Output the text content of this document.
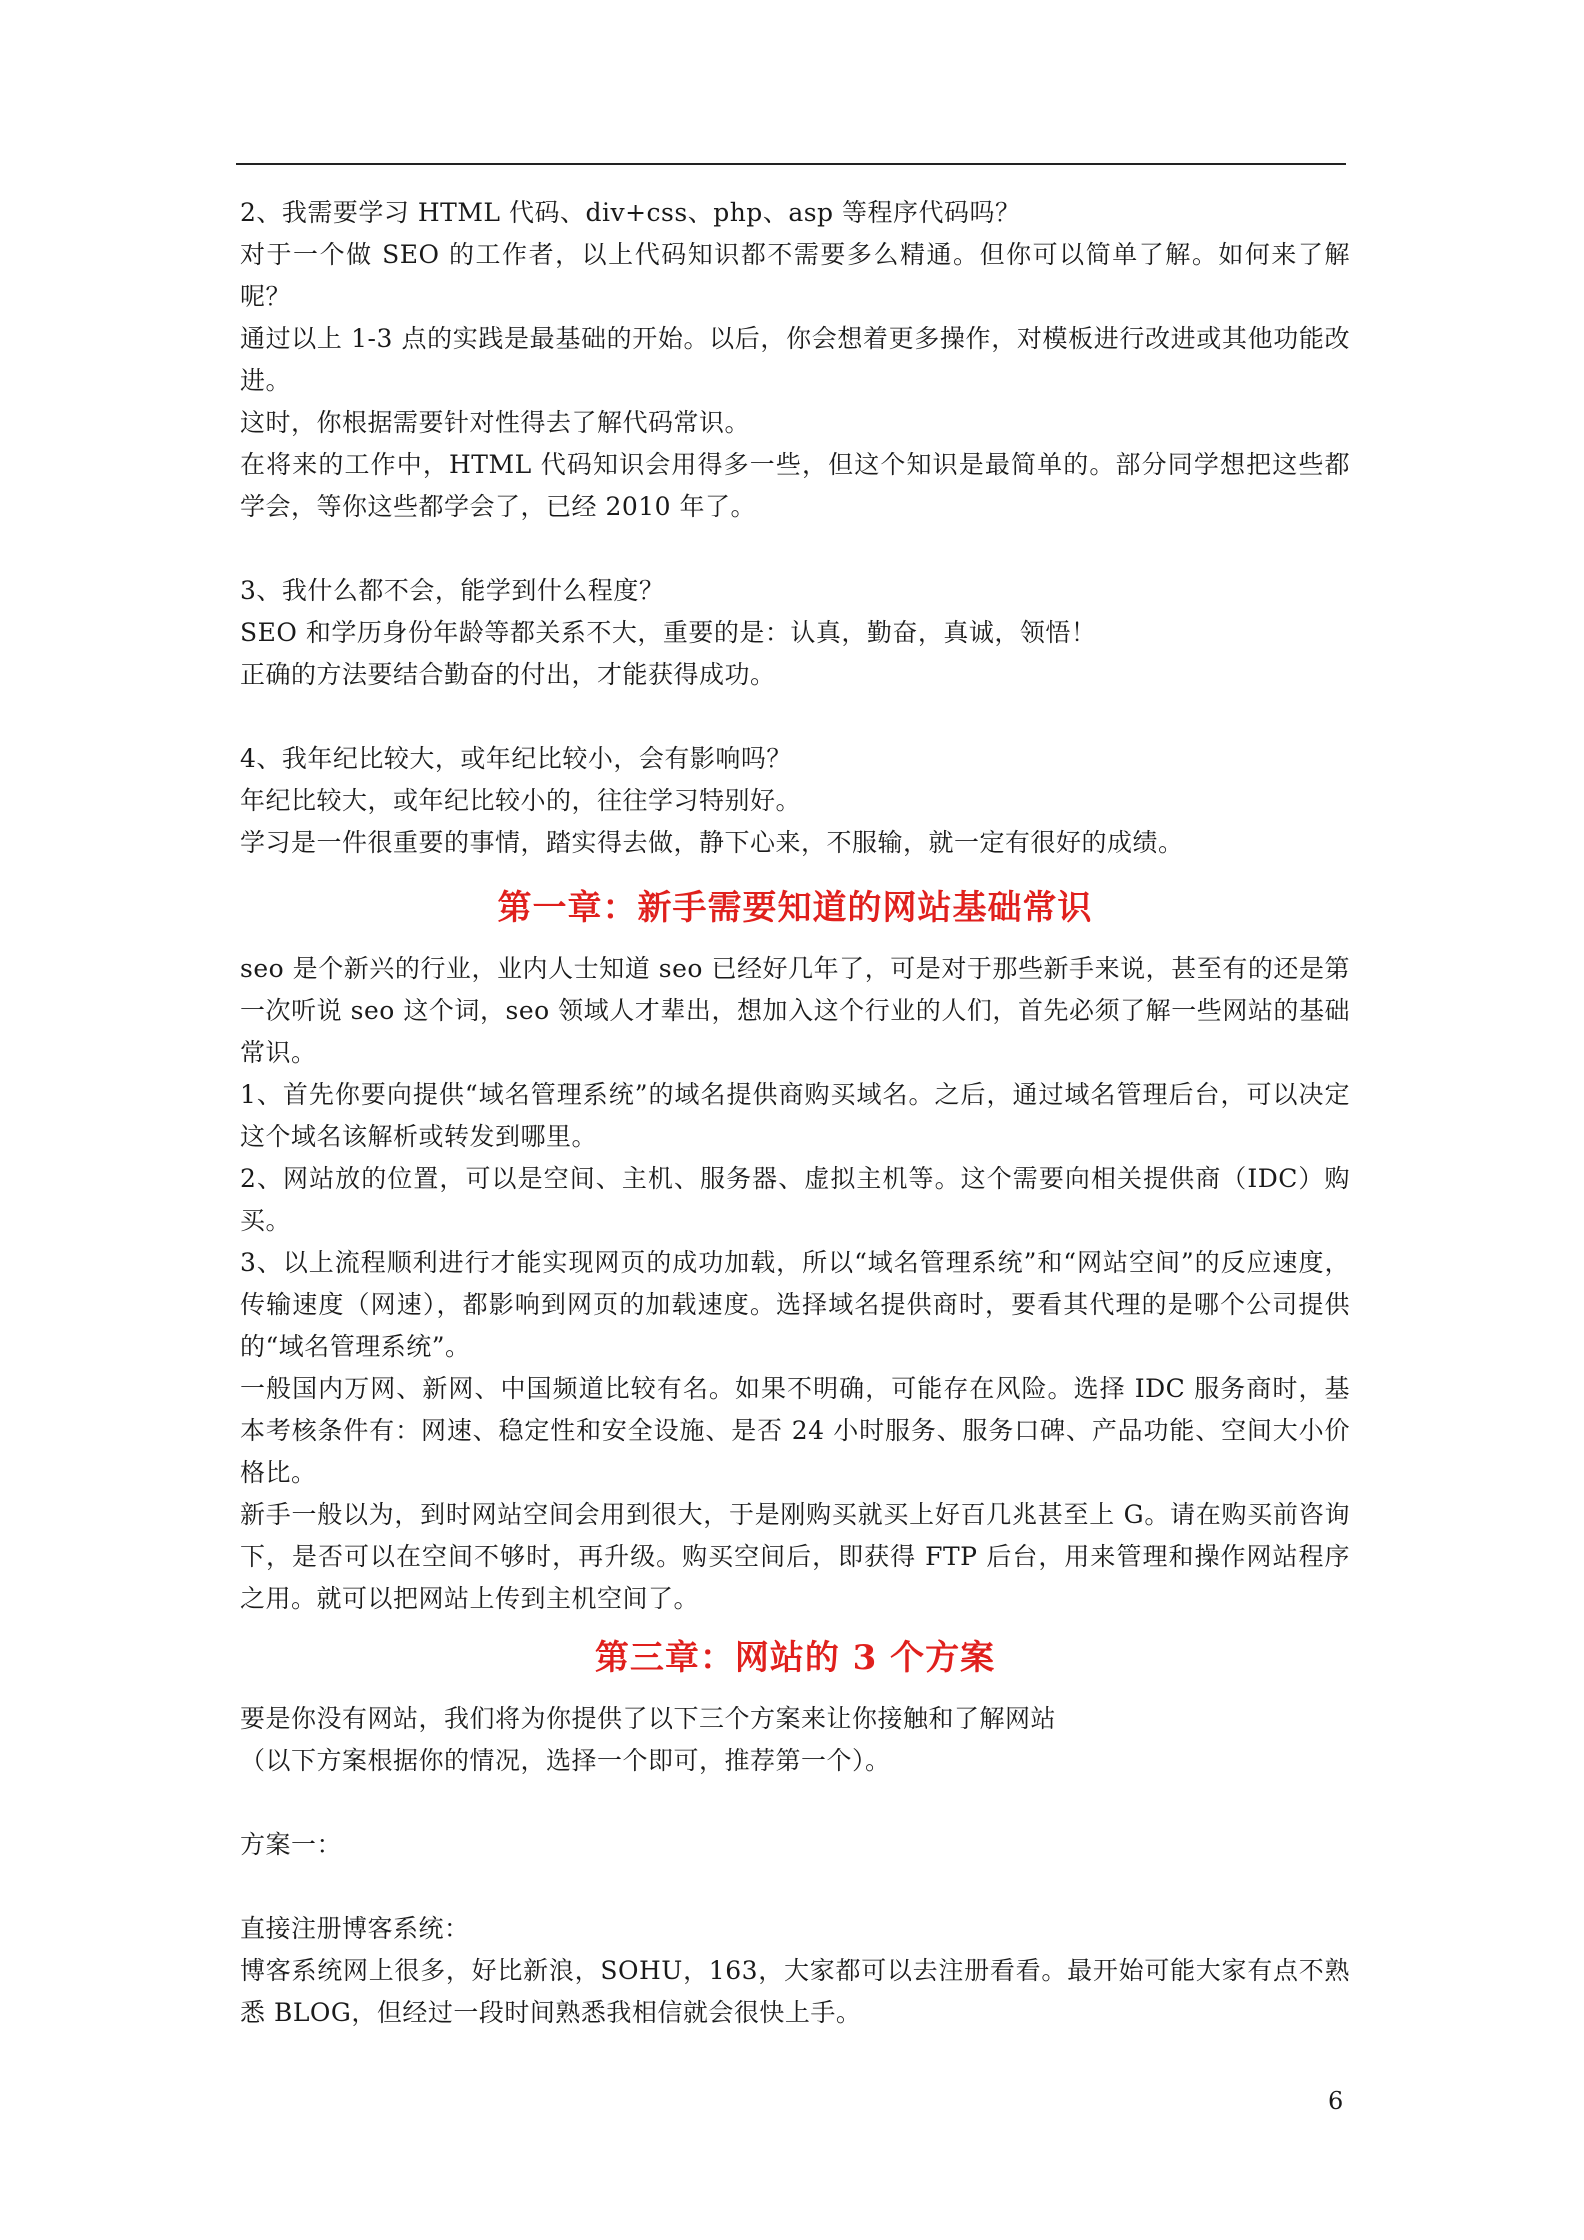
2、我需要学习 HTML 代码、div+css、php、asp 等程序代码吗？

对于一个做 SEO 的工作者，以上代码知识都不需要多么精通。但你可以简单了解。如何来了解呢？

通过以上 1-3 点的实践是最基础的开始。以后，你会想着更多操作，对模板进行改进或其他功能改进。

这时，你根据需要针对性得去了解代码常识。

在将来的工作中，HTML 代码知识会用得多一些，但这个知识是最简单的。部分同学想把这些都学会，等你这些都学会了，已经 2010 年了。

3、我什么都不会，能学到什么程度？

SEO 和学历身份年龄等都关系不大，重要的是：认真，勤奋，真诚，领悟！

正确的方法要结合勤奋的付出，才能获得成功。

4、我年纪比较大，或年纪比较小，会有影响吗？

年纪比较大，或年纪比较小的，往往学习特别好。

学习是一件很重要的事情，踏实得去做，静下心来，不服输，就一定有很好的成绩。

第一章：新手需要知道的网站基础常识

seo 是个新兴的行业，业内人士知道 seo 已经好几年了，可是对于那些新手来说，甚至有的还是第一次听说 seo 这个词，seo 领域人才辈出，想加入这个行业的人们，首先必须了解一些网站的基础常识。

1、首先你要向提供“域名管理系统”的域名提供商购买域名。之后，通过域名管理后台，可以决定这个域名该解析或转发到哪里。

2、网站放的位置，可以是空间、主机、服务器、虚拟主机等。这个需要向相关提供商（IDC）购买。

3、以上流程顺利进行才能实现网页的成功加载，所以“域名管理系统”和“网站空间”的反应速度，传输速度（网速），都影响到网页的加载速度。选择域名提供商时，要看其代理的是哪个公司提供的“域名管理系统”。

一般国内万网、新网、中国频道比较有名。如果不明确，可能存在风险。选择 IDC 服务商时，基本考核条件有：网速、稳定性和安全设施、是否 24 小时服务、服务口碑、产品功能、空间大小价格比。

新手一般以为，到时网站空间会用到很大，于是刚购买就买上好百几兆甚至上 G。请在购买前咨询下，是否可以在空间不够时，再升级。购买空间后，即获得 FTP 后台，用来管理和操作网站程序之用。就可以把网站上传到主机空间了。

第三章：网站的 3 个方案

要是你没有网站，我们将为你提供了以下三个方案来让你接触和了解网站

（以下方案根据你的情况，选择一个即可，推荐第一个）。

方案一：

直接注册博客系统：

博客系统网上很多，好比新浪，SOHU，163，大家都可以去注册看看。最开始可能大家有点不熟悉 BLOG，但经过一段时间熟悉我相信就会很快上手。

6
